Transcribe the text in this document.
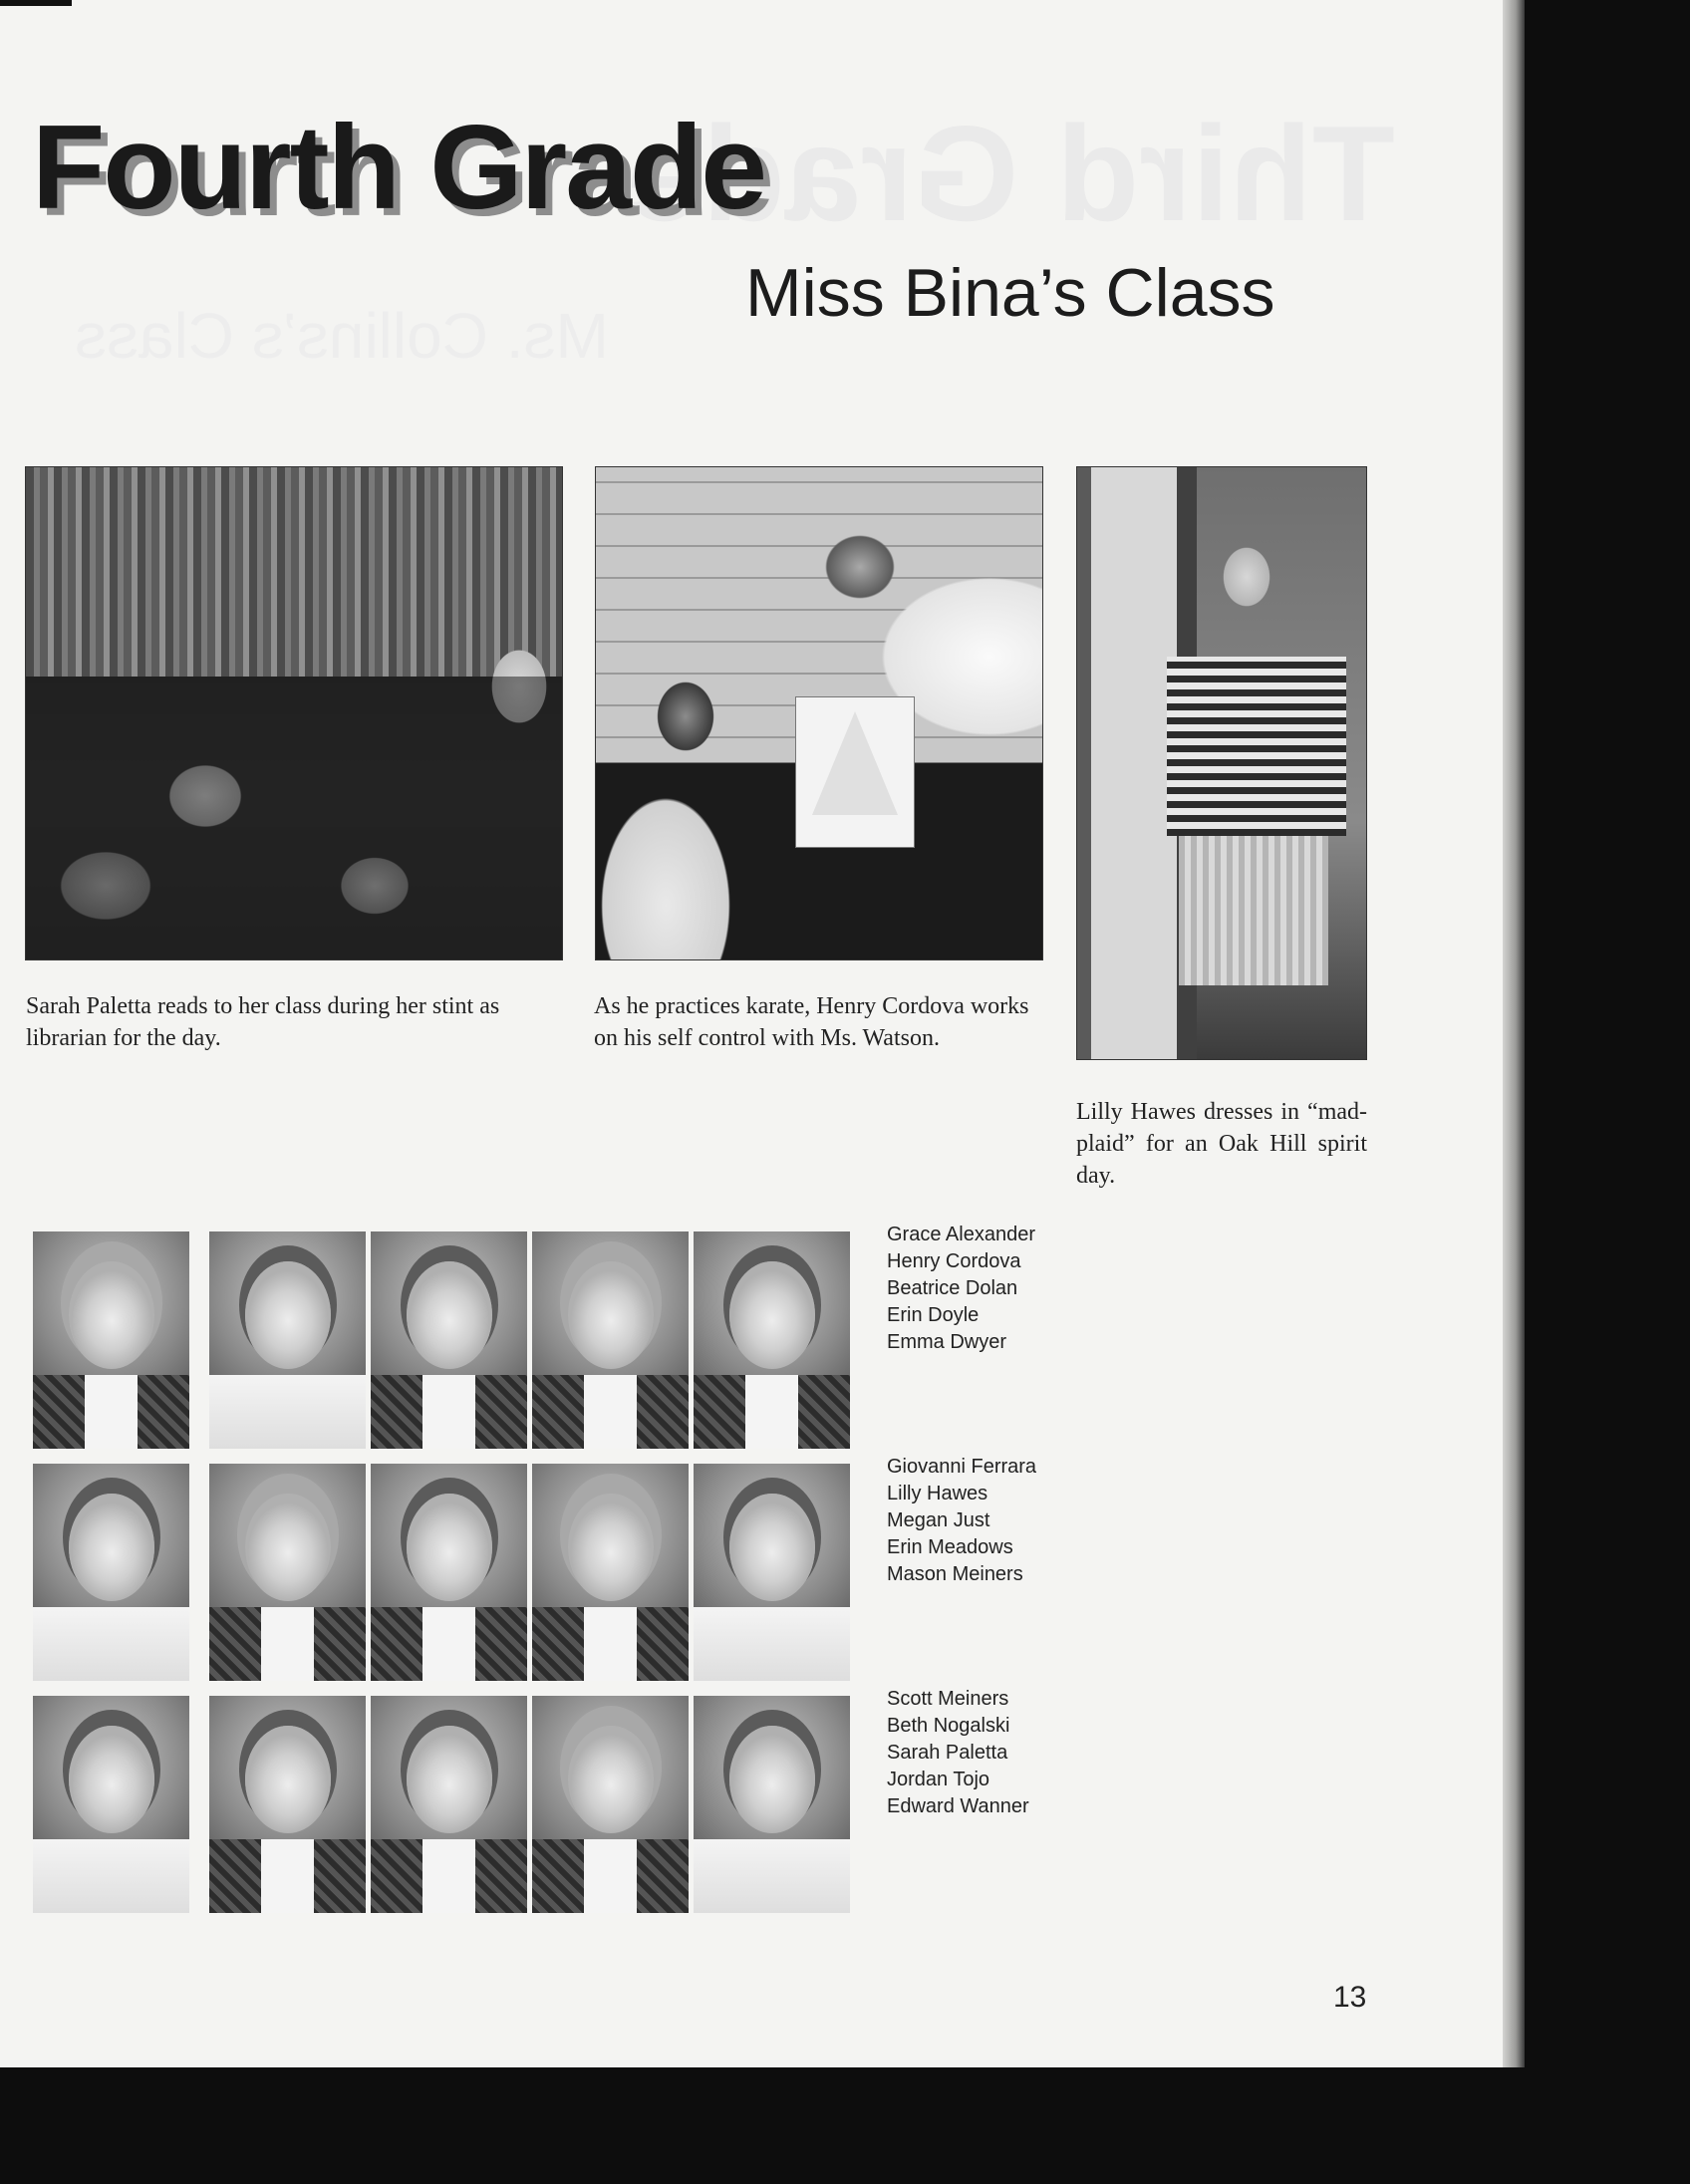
Third Grade
Ms. Collins’s Class
Fourth Grade
Miss Bina’s Class

Sarah Paletta reads to her class during her stint as librarian for the day.

As he practices karate, Henry Cordova works on his self control with Ms. Watson.

Lilly Hawes dresses in “mad-plaid” for an Oak Hill spirit day.

Grace Alexander
Henry Cordova
Beatrice Dolan
Erin Doyle
Emma Dwyer
Giovanni Ferrara
Lilly Hawes
Megan Just
Erin Meadows
Mason Meiners
Scott Meiners
Beth Nogalski
Sarah Paletta
Jordan Tojo
Edward Wanner

13
